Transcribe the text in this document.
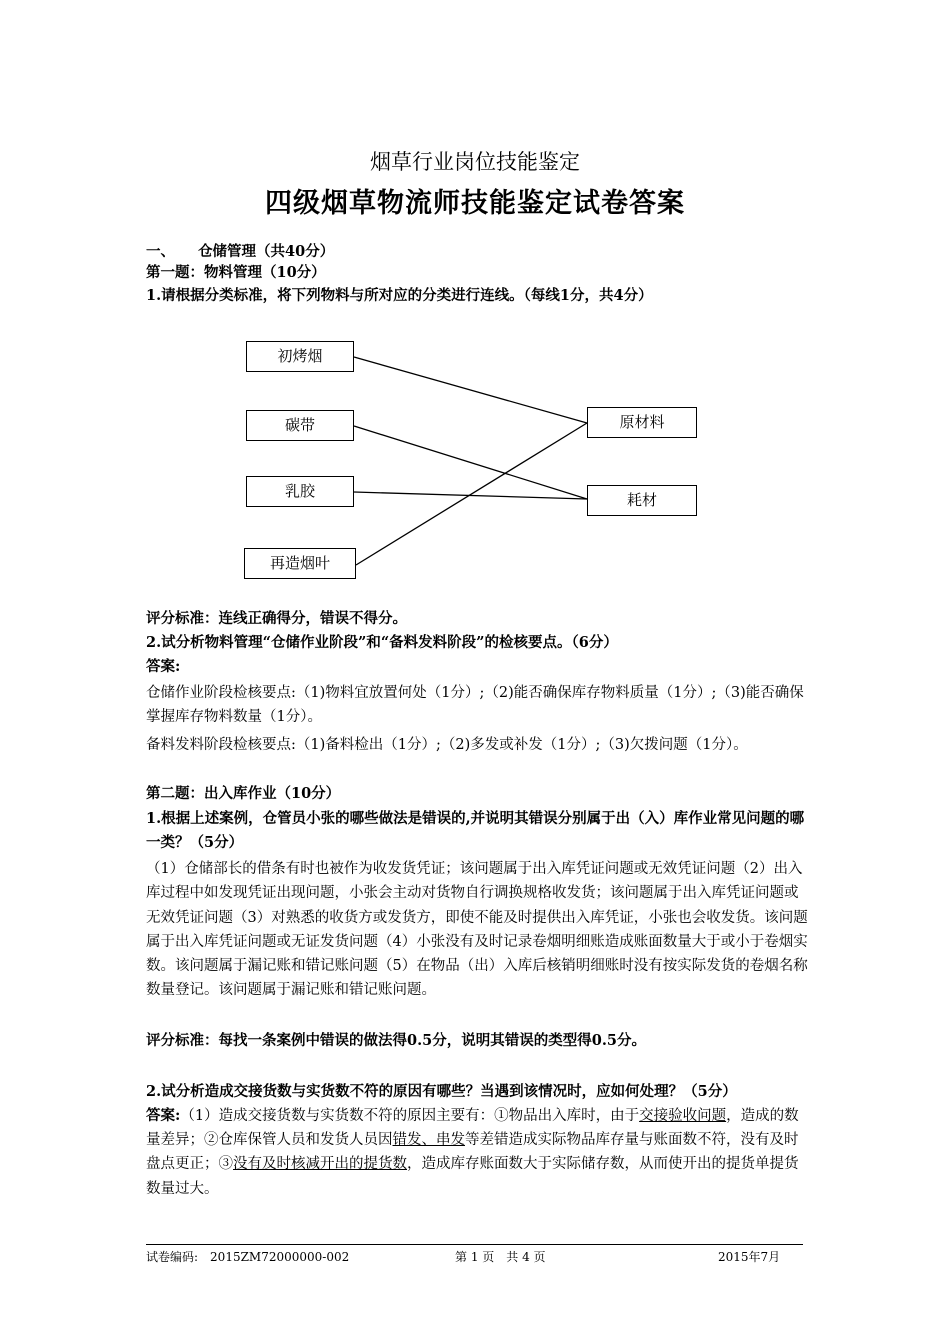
烟草行业岗位技能鉴定
四级烟草物流师技能鉴定试卷答案
一、 仓储管理（共40分）
第一题：物料管理（10分）
1.请根据分类标准，将下列物料与所对应的分类进行连线。（每线1分，共4分）
初烤烟
碳带
乳胶
再造烟叶
原材料
耗材
评分标准：连线正确得分，错误不得分。
2.试分析物料管理“仓储作业阶段”和“备料发料阶段”的检核要点。（6分）
答案:
仓储作业阶段检核要点:（1)物料宜放置何处（1分）;（2)能否确保库存物料质量（1分）;（3)能否确保掌握库存物料数量（1分）。
备料发料阶段检核要点:（1)备料检出（1分）;（2)多发或补发（1分）;（3)欠拨问题（1分）。
第二题：出入库作业（10分）
1.根据上述案例，仓管员小张的哪些做法是错误的,并说明其错误分别属于出（入）库作业常见问题的哪一类？（5分）
（1）仓储部长的借条有时也被作为收发货凭证；该问题属于出入库凭证问题或无效凭证问题（2）出入库过程中如发现凭证出现问题，小张会主动对货物自行调换规格收发货；该问题属于出入库凭证问题或无效凭证问题（3）对熟悉的收货方或发货方，即使不能及时提供出入库凭证，小张也会收发货。该问题属于出入库凭证问题或无证发货问题（4）小张没有及时记录卷烟明细账造成账面数量大于或小于卷烟实数。该问题属于漏记账和错记账问题（5）在物品（出）入库后核销明细账时没有按实际发货的卷烟名称数量登记。该问题属于漏记账和错记账问题。
评分标准：每找一条案例中错误的做法得0.5分，说明其错误的类型得0.5分。
2.试分析造成交接货数与实货数不符的原因有哪些？当遇到该情况时，应如何处理？（5分）
答案:（1）造成交接货数与实货数不符的原因主要有：①物品出入库时，由于交接验收问题，造成的数量差异；②仓库保管人员和发货人员因错发、串发等差错造成实际物品库存量与账面数不符，没有及时盘点更正；③没有及时核减开出的提货数，造成库存账面数大于实际储存数，从而使开出的提货单提货数量过大。
试卷编码:　2015ZM72000000-002	第 1 页　共 4 页	2015年7月
